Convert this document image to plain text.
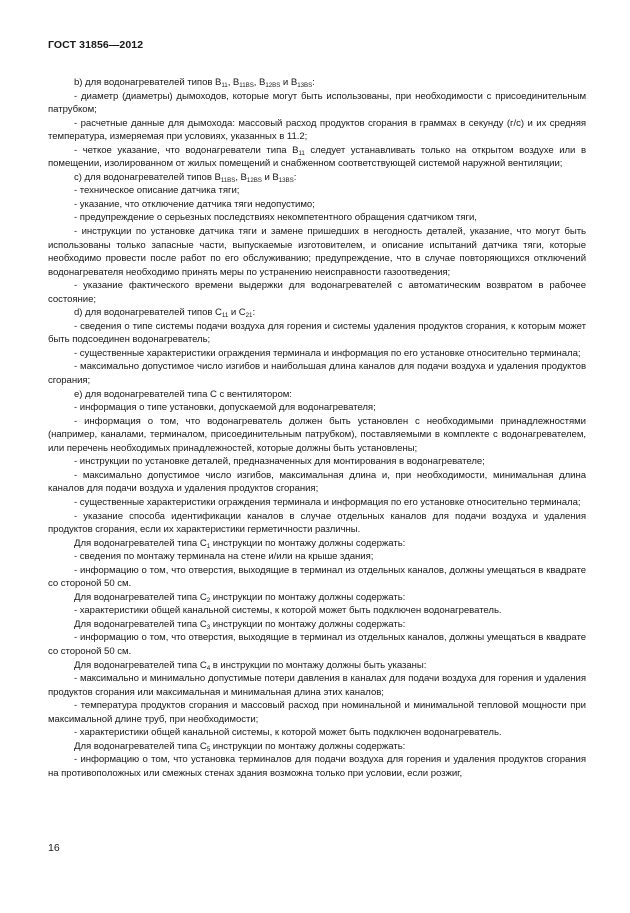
ГОСТ 31856—2012

b) для водонагревателей типов $B_{11}$, $B_{11BS}$, $B_{12BS}$ и $B_{13BS}$:

- диаметр (диаметры) дымоходов, которые могут быть использованы, при необходимости с присоединительным патрубком;

- расчетные данные для дымохода: массовый расход продуктов сгорания в граммах в секунду (г/с) и их средняя температура, измеряемая при условиях, указанных в 11.2;

- четкое указание, что водонагреватели типа $B_{11}$ следует устанавливать только на открытом воздухе или в помещении, изолированном от жилых помещений и снабженном соответствующей системой наружной вентиляции;

c) для водонагревателей типов $B_{11BS}$, $B_{12BS}$ и $B_{13BS}$:

- техническое описание датчика тяги;

- указание, что отключение датчика тяги недопустимо;

- предупреждение о серьезных последствиях некомпетентного обращения сдатчиком тяги,

- инструкции по установке датчика тяги и замене пришедших в негодность деталей, указание, что могут быть использованы только запасные части, выпускаемые изготовителем, и описание испытаний датчика тяги, которые необходимо провести после работ по его обслуживанию; предупреждение, что в случае повторяющихся отключений водонагревателя необходимо принять меры по устранению неисправности газоотведения;

- указание фактического времени выдержки для водонагревателей с автоматическим возвратом в рабочее состояние;

d) для водонагревателей типов $C_{11}$ и $C_{21}$:

- сведения о типе системы подачи воздуха для горения и системы удаления продуктов сгорания, к которым может быть подсоединен водонагреватель;

- существенные характеристики ограждения терминала и информация по его установке относительно терминала;

- максимально допустимое число изгибов и наибольшая длина каналов для подачи воздуха и удаления продуктов сгорания;

e) для водонагревателей типа C с вентилятором:

- информация о типе установки, допускаемой для водонагревателя;

- информация о том, что водонагреватель должен быть установлен с необходимыми принадлежностями (например, каналами, терминалом, присоединительным патрубком), поставляемыми в комплекте с водонагревателем, или перечень необходимых принадлежностей, которые должны быть установлены;

- инструкции по установке деталей, предназначенных для монтирования в водонагревателе;

- максимально допустимое число изгибов, максимальная длина и, при необходимости, минимальная длина каналов для подачи воздуха и удаления продуктов сгорания;

- существенные характеристики ограждения терминала и информация по его установке относительно терминала;

- указание способа идентификации каналов в случае отдельных каналов для подачи воздуха и удаления продуктов сгорания, если их характеристики герметичности различны.

Для водонагревателей типа $C_1$ инструкции по монтажу должны содержать:

- сведения по монтажу терминала на стене и/или на крыше здания;

- информацию о том, что отверстия, выходящие в терминал из отдельных каналов, должны умещаться в квадрате со стороной 50 см.

Для водонагревателей типа $C_2$ инструкции по монтажу должны содержать:

- характеристики общей канальной системы, к которой может быть подключен водонагреватель.

Для водонагревателей типа $C_3$ инструкции по монтажу должны содержать:

- информацию о том, что отверстия, выходящие в терминал из отдельных каналов, должны умещаться в квадрате со стороной 50 см.

Для водонагревателей типа $C_4$ в инструкции по монтажу должны быть указаны:

- максимально и минимально допустимые потери давления в каналах для подачи воздуха для горения и удаления продуктов сгорания или максимальная и минимальная длина этих каналов;

- температура продуктов сгорания и массовый расход при номинальной и минимальной тепловой мощности при максимальной длине труб, при необходимости;

- характеристики общей канальной системы, к которой может быть подключен водонагреватель.

Для водонагревателей типа $C_5$ инструкции по монтажу должны содержать:

- информацию о том, что установка терминалов для подачи воздуха для горения и удаления продуктов сгорания на противоположных или смежных стенах здания возможна только при условии, если розжиг,

16
